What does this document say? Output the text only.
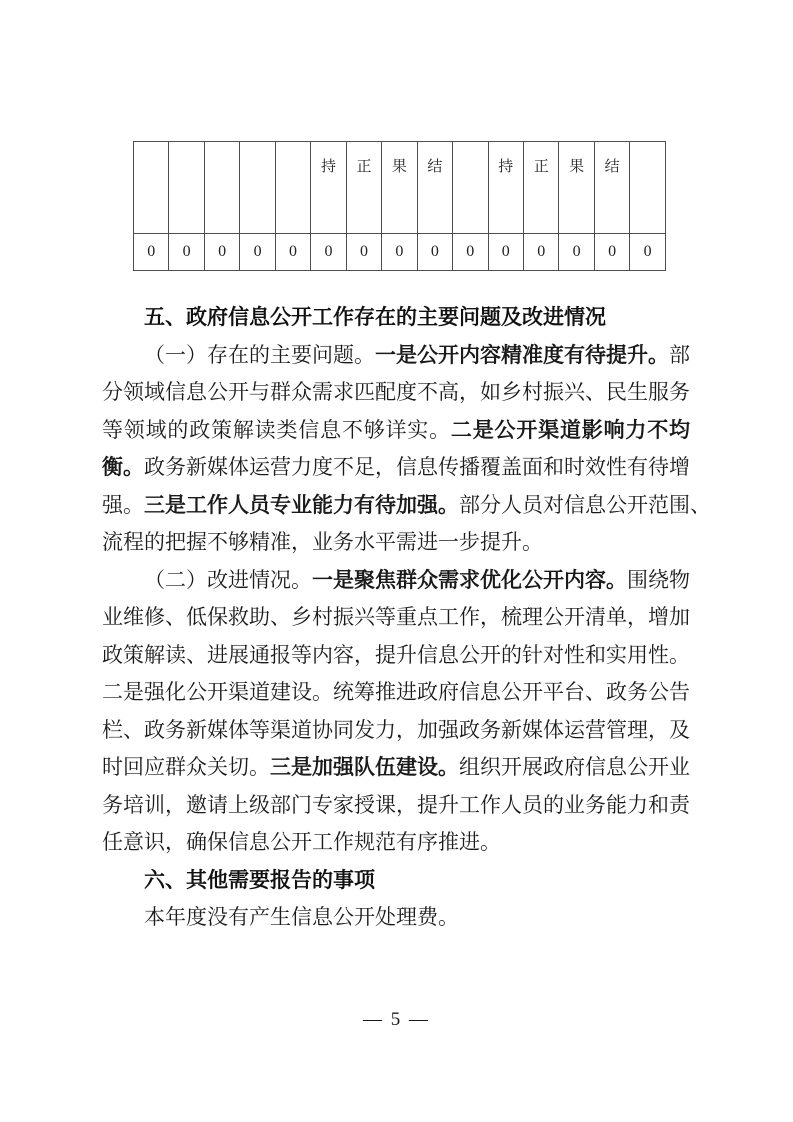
					持	正	果	结		持	正	果	结	
0	0	0	0	0	0	0	0	0	0	0	0	0	0	0
五、政府信息公开工作存在的主要问题及改进情况
（一）存在的主要问题。一是公开内容精准度有待提升。部
分领域信息公开与群众需求匹配度不高，如乡村振兴、民生服务
等领域的政策解读类信息不够详实。二是公开渠道影响力不均
衡。政务新媒体运营力度不足，信息传播覆盖面和时效性有待增
强。三是工作人员专业能力有待加强。部分人员对信息公开范围、
流程的把握不够精准，业务水平需进一步提升。
（二）改进情况。一是聚焦群众需求优化公开内容。围绕物
业维修、低保救助、乡村振兴等重点工作，梳理公开清单，增加
政策解读、进展通报等内容，提升信息公开的针对性和实用性。
二是强化公开渠道建设。统筹推进政府信息公开平台、政务公告
栏、政务新媒体等渠道协同发力，加强政务新媒体运营管理，及
时回应群众关切。三是加强队伍建设。组织开展政府信息公开业
务培训，邀请上级部门专家授课，提升工作人员的业务能力和责
任意识，确保信息公开工作规范有序推进。
六、其他需要报告的事项
本年度没有产生信息公开处理费。
— 5 —
